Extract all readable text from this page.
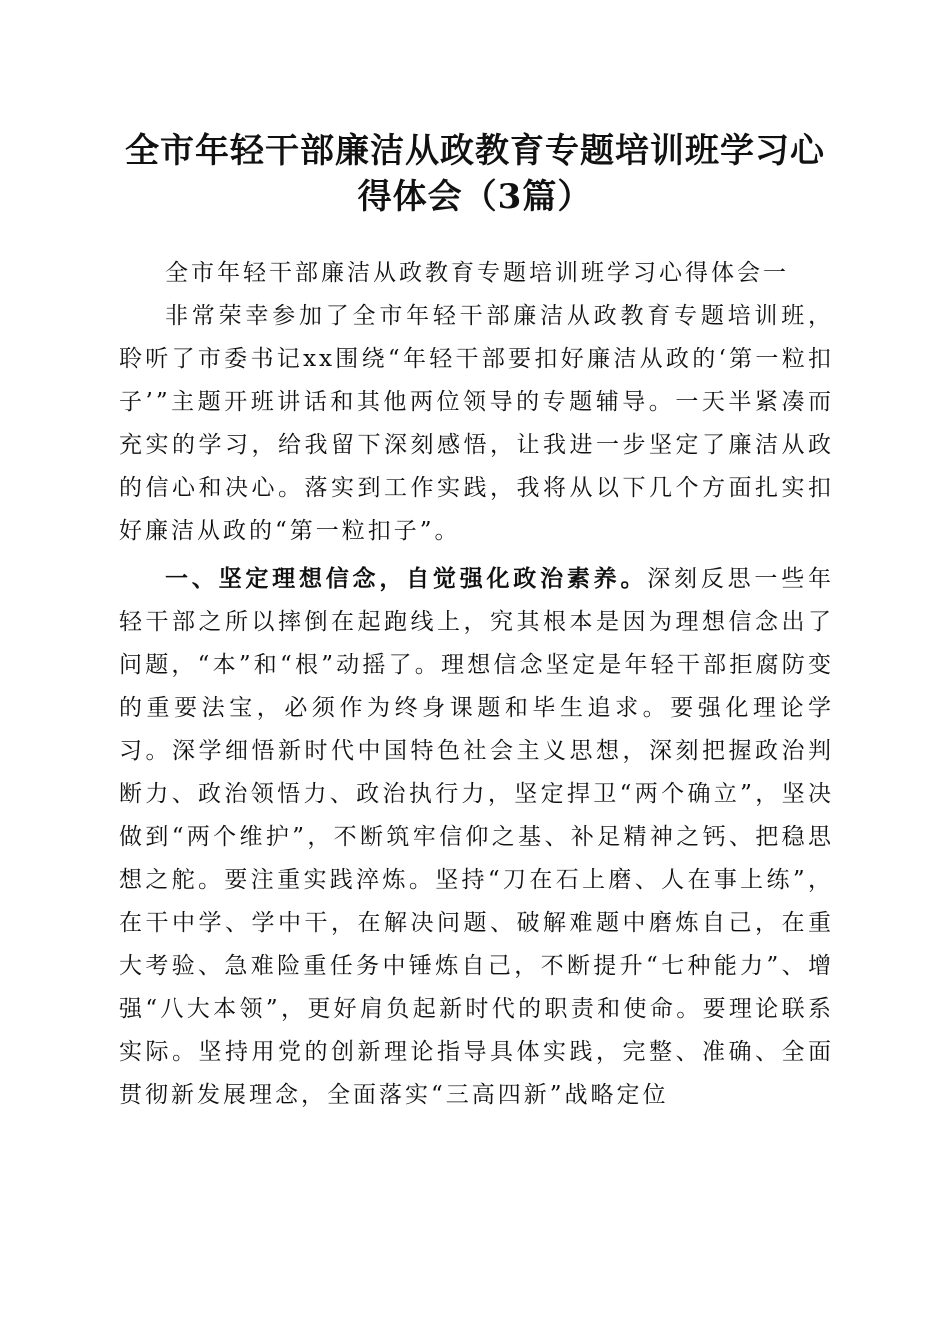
全市年轻干部廉洁从政教育专题培训班学习心
得体会（3篇）

全市年轻干部廉洁从政教育专题培训班学习心得体会一

非常荣幸参加了全市年轻干部廉洁从政教育专题培训班，聆听了市委书记xx围绕“年轻干部要扣好廉洁从政的‘第一粒扣子’”主题开班讲话和其他两位领导的专题辅导。一天半紧凑而充实的学习，给我留下深刻感悟，让我进一步坚定了廉洁从政的信心和决心。落实到工作实践，我将从以下几个方面扎实扣好廉洁从政的“第一粒扣子”。

一、坚定理想信念，自觉强化政治素养。深刻反思一些年轻干部之所以摔倒在起跑线上，究其根本是因为理想信念出了问题，“本”和“根”动摇了。理想信念坚定是年轻干部拒腐防变的重要法宝，必须作为终身课题和毕生追求。要强化理论学习。深学细悟新时代中国特色社会主义思想，深刻把握政治判断力、政治领悟力、政治执行力，坚定捍卫“两个确立”，坚决做到“两个维护”，不断筑牢信仰之基、补足精神之钙、把稳思想之舵。要注重实践淬炼。坚持“刀在石上磨、人在事上练”，在干中学、学中干，在解决问题、破解难题中磨炼自己，在重大考验、急难险重任务中锤炼自己，不断提升“七种能力”、增强“八大本领”，更好肩负起新时代的职责和使命。要理论联系实际。坚持用党的创新理论指导具体实践，完整、准确、全面贯彻新发展理念，全面落实“三高四新”战略定位
